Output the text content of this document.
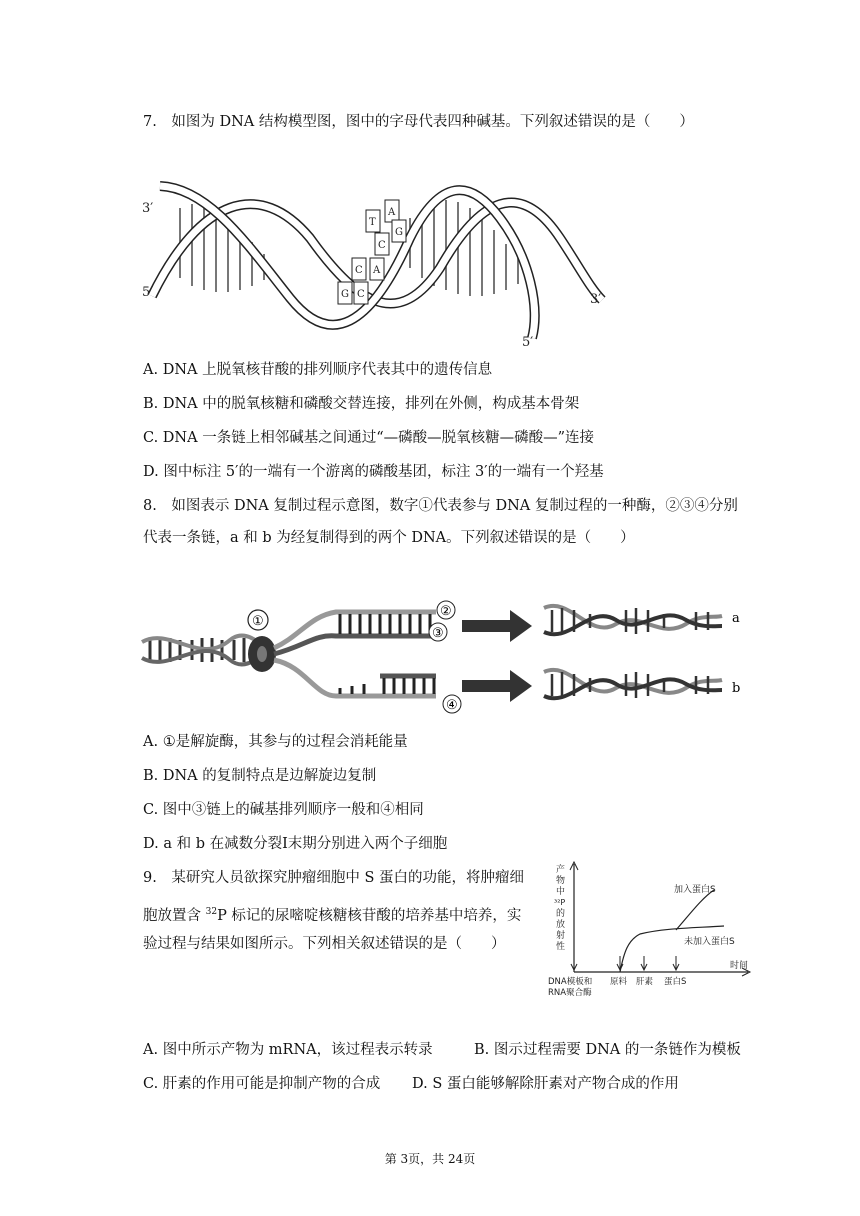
7.　如图为 DNA 结构模型图，图中的字母代表四种碱基。下列叙述错误的是（　　）
A
G
T
C
C A
C
G
3′
5′	3′
5′
A. DNA 上脱氧核苷酸的排列顺序代表其中的遗传信息
B. DNA 中的脱氧核糖和磷酸交替连接，排列在外侧，构成基本骨架
C. DNA 一条链上相邻碱基之间通过“—磷酸—脱氧核糖—磷酸—”连接
D. 图中标注 5′的一端有一个游离的磷酸基团，标注 3′的一端有一个羟基
8.　如图表示 DNA 复制过程示意图，数字①代表参与 DNA 复制过程的一种酶，②③④分别
代表一条链，a 和 b 为经复制得到的两个 DNA。下列叙述错误的是（　　）
①
②
③
④
a
b
A. ①是解旋酶，其参与的过程会消耗能量
B. DNA 的复制特点是边解旋边复制
C. 图中③链上的碱基排列顺序一般和④相同
D. a 和 b 在减数分裂Ⅰ末期分别进入两个子细胞
9.　某研究人员欲探究肿瘤细胞中 S 蛋白的功能，将肿瘤细
胞放置含 $^{32}$P 标记的尿嘧啶核糖核苷酸的培养基中培养，实
验过程与结果如图所示。下列相关叙述错误的是（　　）
产
物
中
³²P
的
放
射
性
时间
加入蛋白S
未加入蛋白S
DNA模板和
RNA聚合酶
原料 肝素 蛋白S
A. 图中所示产物为 mRNA，该过程表示转录	B. 图示过程需要 DNA 的一条链作为模板
C. 肝素的作用可能是抑制产物的合成 D. S 蛋白能够解除肝素对产物合成的作用
第 3页，共 24页
